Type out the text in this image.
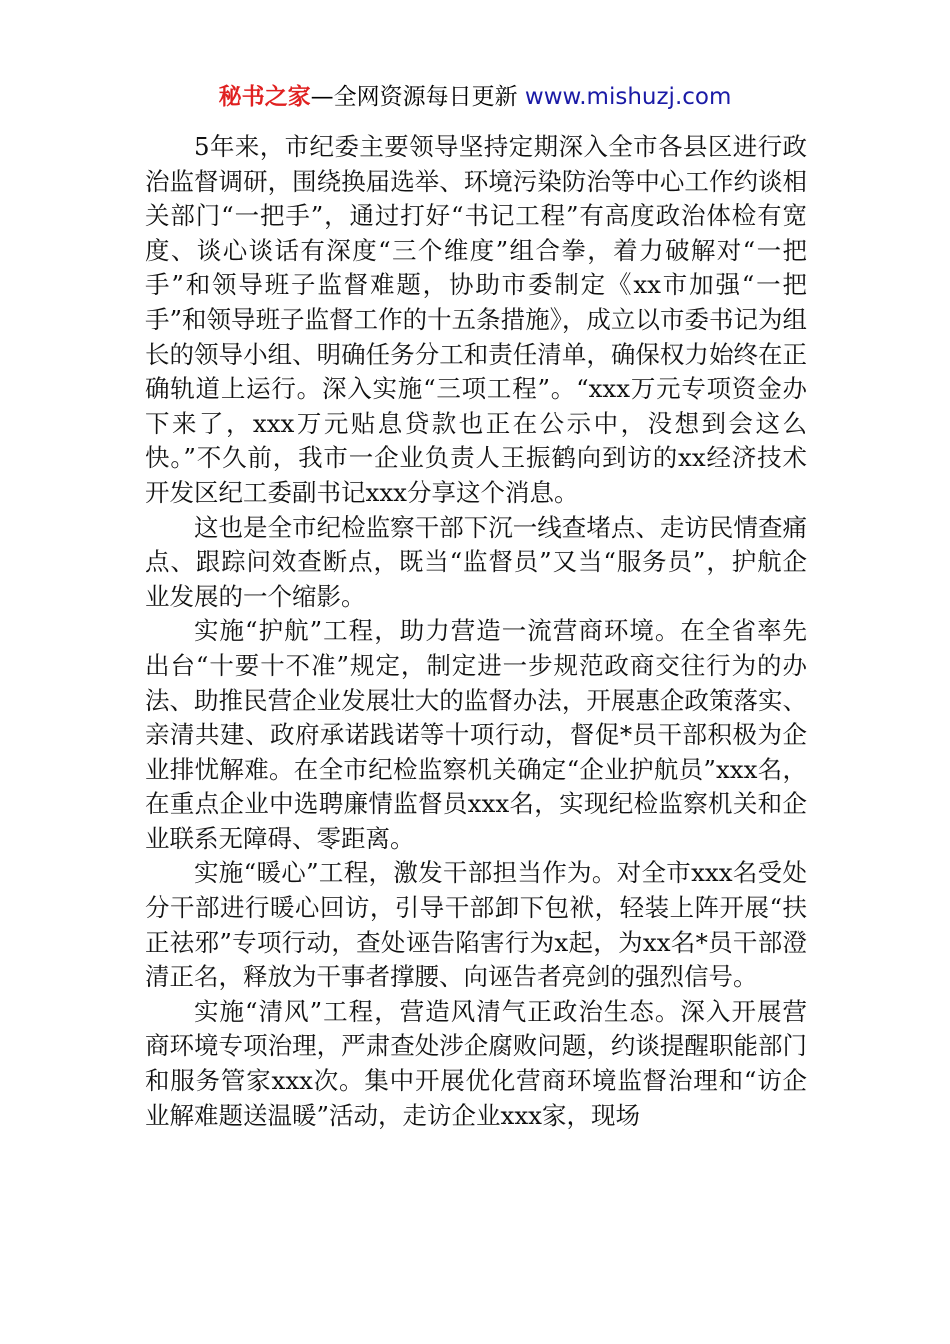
秘书之家—全网资源每日更新 www.mishuzj.com

5年来，市纪委主要领导坚持定期深入全市各县区进行政治监督调研，围绕换届选举、环境污染防治等中心工作约谈相关部门“一把手”，通过打好“书记工程”有高度政治体检有宽度、谈心谈话有深度“三个维度”组合拳，着力破解对“一把手”和领导班子监督难题，协助市委制定《xx市加强“一把手”和领导班子监督工作的十五条措施》，成立以市委书记为组长的领导小组、明确任务分工和责任清单，确保权力始终在正确轨道上运行。深入实施“三项工程”。“xxx万元专项资金办下来了，xxx万元贴息贷款也正在公示中，没想到会这么快。”不久前，我市一企业负责人王振鹤向到访的xx经济技术开发区纪工委副书记xxx分享这个消息。

这也是全市纪检监察干部下沉一线查堵点、走访民情查痛点、跟踪问效查断点，既当“监督员”又当“服务员”，护航企业发展的一个缩影。

实施“护航”工程，助力营造一流营商环境。在全省率先出台“十要十不准”规定，制定进一步规范政商交往行为的办法、助推民营企业发展壮大的监督办法，开展惠企政策落实、亲清共建、政府承诺践诺等十项行动，督促*员干部积极为企业排忧解难。在全市纪检监察机关确定“企业护航员”xxx名，在重点企业中选聘廉情监督员xxx名，实现纪检监察机关和企业联系无障碍、零距离。

实施“暖心”工程，激发干部担当作为。对全市xxx名受处分干部进行暖心回访，引导干部卸下包袱，轻装上阵开展“扶正祛邪”专项行动，查处诬告陷害行为x起，为xx名*员干部澄清正名，释放为干事者撑腰、向诬告者亮剑的强烈信号。

实施“清风”工程，营造风清气正政治生态。深入开展营商环境专项治理，严肃查处涉企腐败问题，约谈提醒职能部门和服务管家xxx次。集中开展优化营商环境监督治理和“访企业解难题送温暖”活动，走访企业xxx家，现场
